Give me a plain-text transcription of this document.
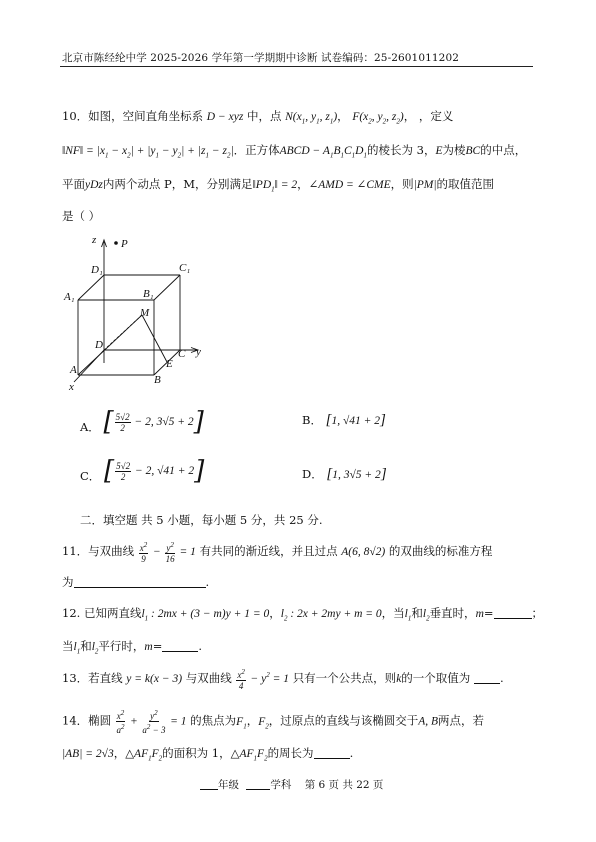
北京市陈经纶中学 2025-2026 学年第一学期期中诊断 试卷编码：25-2601011202
10．如图，空间直角坐标系 D − xyz 中，点 $N(x_1$, $y_1$, $z_1$)， $F(x_2$, $y_2$, $z_2$)， ，定义
‖NF‖ = $|x_1 - x_2| + |y_1 - y_2| + |z_1 - z_2|$．正方体ABCD − $A_1B_1C_1D_1$的棱长为 3，E为棱BC的中点，
平面yDz内两个动点 P，M，分别满足$‖PD_1‖ = 2$，∠AMD = ∠CME，则|PM|的取值范围
是（ ）
z P
D₁	C₁
A₁	B₁
M
D
C y
E
A
B
x
A． [ $\frac{5√2}{2} - 2$, 3√5 + 2 ]	B． [1, √41 + 2]
C． [ $\frac{5√2}{2} - 2$, √41 + 2 ]	D． [1, 3√5 + 2]
二．填空题 共 5 小题，每小题 5 分，共 25 分.
11．与双曲线 $\frac{x^2}{9} - \frac{y^2}{16} = 1$ 有共同的渐近线，并且过点 A(6, 8√2) 的双曲线的标准方程
为	.
12. 已知两直线$l_1$ : 2mx + (3 − m)y + 1 = 0，$l_2$ : 2x + 2my + m = 0，当$l_1$和$l_2$垂直时，m=	；
当$l_1$和$l_2$平行时，m=	.
13．若直线 y = k(x − 3) 与双曲线 $\frac{x^2}{4} - y^2 = 1$ 只有一个公共点，则k的一个取值为	.
14．椭圆 $\frac{x^2}{a^2} + \frac{y^2}{a^2 - 3} = 1$ 的焦点为$F_1$，$F_2$，过原点的直线与该椭圆交于A, B两点，若
|AB| = 2√3，$\triangle AF_1F_2$的面积为 1，$\triangle AF_1F_2$的周长为	.
年级	学科 第 6 页 共 22 页
